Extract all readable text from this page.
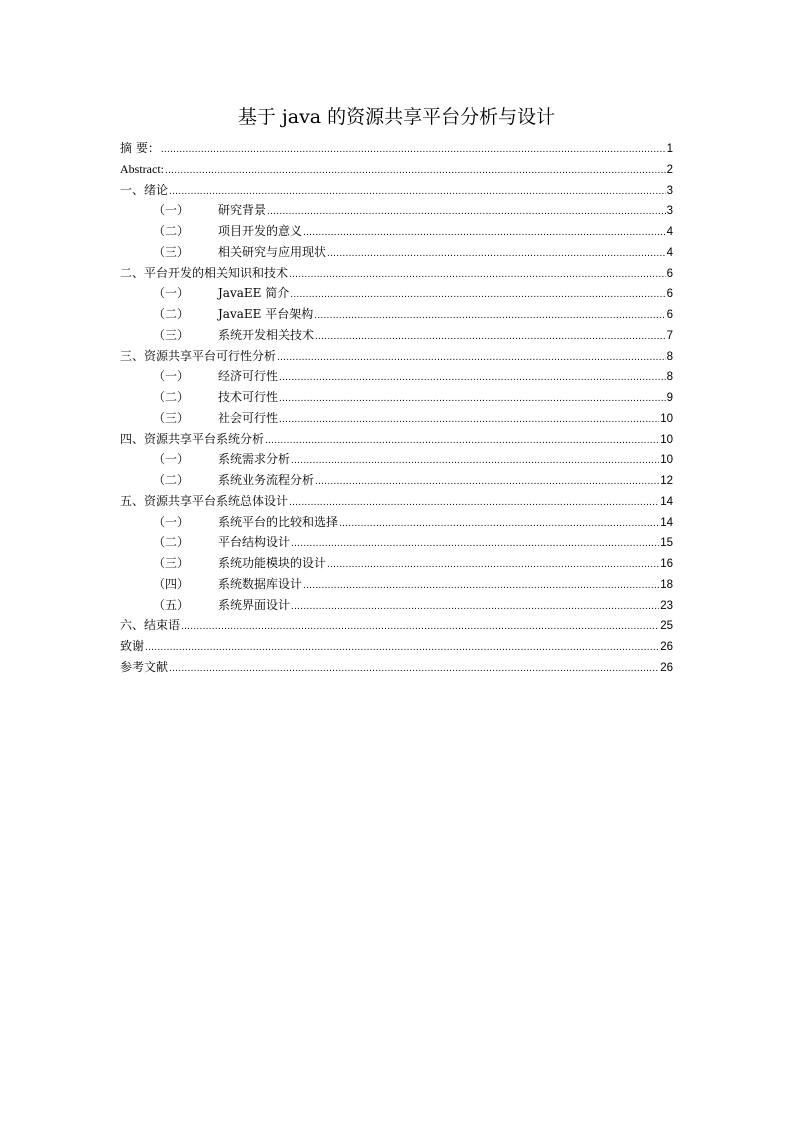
基于 java 的资源共享平台分析与设计
摘 要： .....	1
Abstract: .....	2
一、绪论 .....	3
（一）	研究背景 .....	3
（二）	项目开发的意义 .....	4
（三）	相关研究与应用现状 .....	4
二、平台开发的相关知识和技术 .....	6
（一）	JavaEE 简介 .....	6
（二）	JavaEE 平台架构 .....	6
（三）	系统开发相关技术 .....	7
三、资源共享平台可行性分析 .....	8
（一）	经济可行性 .....	8
（二）	技术可行性 .....	9
（三）	社会可行性 .....	10
四、资源共享平台系统分析 .....	10
（一）	系统需求分析 .....	10
（二）	系统业务流程分析 .....	12
五、资源共享平台系统总体设计 .....	14
（一）	系统平台的比较和选择 .....	14
（二）	平台结构设计 .....	15
（三）	系统功能模块的设计 .....	16
（四）	系统数据库设计 .....	18
（五）	系统界面设计 .....	23
六、结束语 .....	25
致谢 .....	26
参考文献 .....	26
